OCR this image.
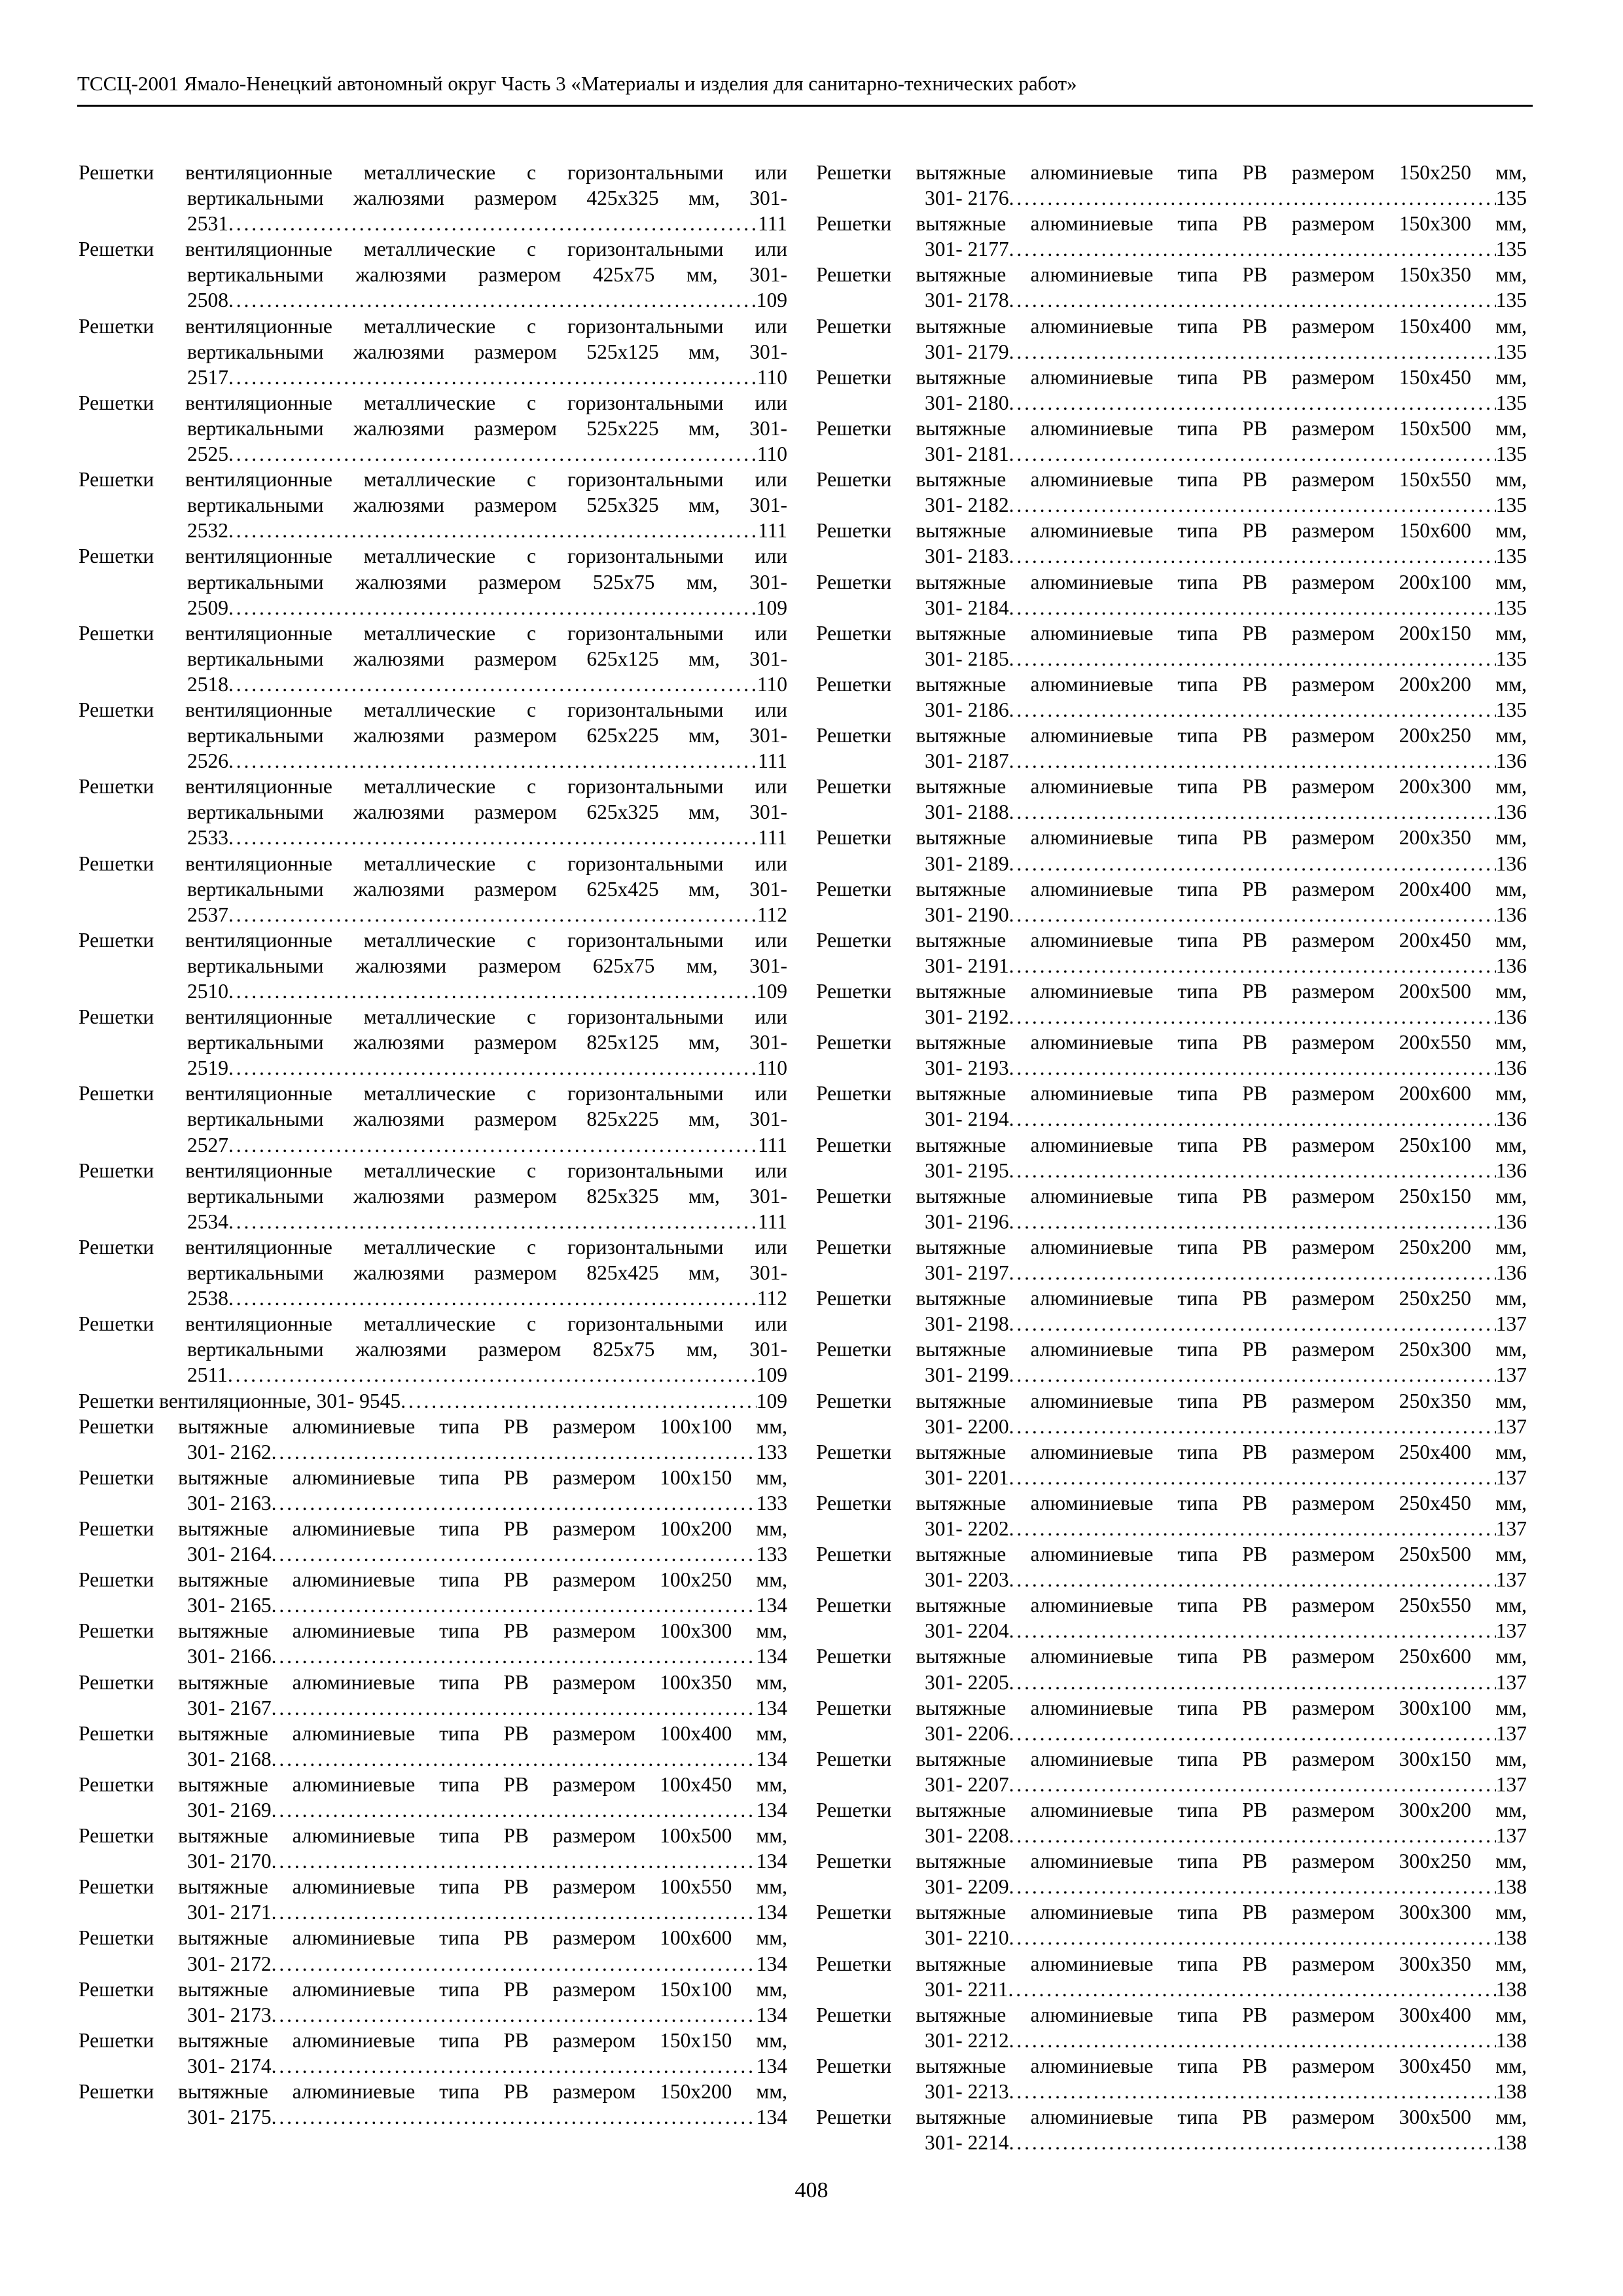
ТССЦ-2001 Ямало-Ненецкий автономный округ Часть 3 «Материалы и изделия для санитарно-технических работ»
Решетки вентиляционные металлические с горизонтальными или вертикальными жалюзями размером 425х325 мм, 301-
2531 . . .	111
Решетки вентиляционные металлические с горизонтальными или вертикальными жалюзями размером 425х75 мм, 301-
2508 . . .	109
Решетки вентиляционные металлические с горизонтальными или вертикальными жалюзями размером 525х125 мм, 301-
2517 . . .	110
Решетки вентиляционные металлические с горизонтальными или вертикальными жалюзями размером 525х225 мм, 301-
2525 . . .	110
Решетки вентиляционные металлические с горизонтальными или вертикальными жалюзями размером 525х325 мм, 301-
2532 . . .	111
Решетки вентиляционные металлические с горизонтальными или вертикальными жалюзями размером 525х75 мм, 301-
2509 . . .	109
Решетки вентиляционные металлические с горизонтальными или вертикальными жалюзями размером 625х125 мм, 301-
2518 . . .	110
Решетки вентиляционные металлические с горизонтальными или вертикальными жалюзями размером 625х225 мм, 301-
2526 . . .	111
Решетки вентиляционные металлические с горизонтальными или вертикальными жалюзями размером 625х325 мм, 301-
2533 . . .	111
Решетки вентиляционные металлические с горизонтальными или вертикальными жалюзями размером 625х425 мм, 301-
2537 . . .	112
Решетки вентиляционные металлические с горизонтальными или вертикальными жалюзями размером 625х75 мм, 301-
2510 . . .	109
Решетки вентиляционные металлические с горизонтальными или вертикальными жалюзями размером 825х125 мм, 301-
2519 . . .	110
Решетки вентиляционные металлические с горизонтальными или вертикальными жалюзями размером 825х225 мм, 301-
2527 . . .	111
Решетки вентиляционные металлические с горизонтальными или вертикальными жалюзями размером 825х325 мм, 301-
2534 . . .	111
Решетки вентиляционные металлические с горизонтальными или вертикальными жалюзями размером 825х425 мм, 301-
2538 . . .	112
Решетки вентиляционные металлические с горизонтальными или вертикальными жалюзями размером 825х75 мм, 301-
2511 . . .	109
Решетки вентиляционные, 301- 9545 . . .	109
Решетки вытяжные алюминиевые типа РВ размером 100х100 мм,
301- 2162 . . .	133
Решетки вытяжные алюминиевые типа РВ размером 100х150 мм,
301- 2163 . . .	133
Решетки вытяжные алюминиевые типа РВ размером 100х200 мм,
301- 2164 . . .	133
Решетки вытяжные алюминиевые типа РВ размером 100х250 мм,
301- 2165 . . .	134
Решетки вытяжные алюминиевые типа РВ размером 100х300 мм,
301- 2166 . . .	134
Решетки вытяжные алюминиевые типа РВ размером 100х350 мм,
301- 2167 . . .	134
Решетки вытяжные алюминиевые типа РВ размером 100х400 мм,
301- 2168 . . .	134
Решетки вытяжные алюминиевые типа РВ размером 100х450 мм,
301- 2169 . . .	134
Решетки вытяжные алюминиевые типа РВ размером 100х500 мм,
301- 2170 . . .	134
Решетки вытяжные алюминиевые типа РВ размером 100х550 мм,
301- 2171 . . .	134
Решетки вытяжные алюминиевые типа РВ размером 100х600 мм,
301- 2172 . . .	134
Решетки вытяжные алюминиевые типа РВ размером 150х100 мм,
301- 2173 . . .	134
Решетки вытяжные алюминиевые типа РВ размером 150х150 мм,
301- 2174 . . .	134
Решетки вытяжные алюминиевые типа РВ размером 150х200 мм,
301- 2175 . . .	134
Решетки вытяжные алюминиевые типа РВ размером 150х250 мм,
301- 2176 . . .	135
Решетки вытяжные алюминиевые типа РВ размером 150х300 мм,
301- 2177 . . .	135
Решетки вытяжные алюминиевые типа РВ размером 150х350 мм,
301- 2178 . . .	135
Решетки вытяжные алюминиевые типа РВ размером 150х400 мм,
301- 2179 . . .	135
Решетки вытяжные алюминиевые типа РВ размером 150х450 мм,
301- 2180 . . .	135
Решетки вытяжные алюминиевые типа РВ размером 150х500 мм,
301- 2181 . . .	135
Решетки вытяжные алюминиевые типа РВ размером 150х550 мм,
301- 2182 . . .	135
Решетки вытяжные алюминиевые типа РВ размером 150х600 мм,
301- 2183 . . .	135
Решетки вытяжные алюминиевые типа РВ размером 200х100 мм,
301- 2184 . . .	135
Решетки вытяжные алюминиевые типа РВ размером 200х150 мм,
301- 2185 . . .	135
Решетки вытяжные алюминиевые типа РВ размером 200х200 мм,
301- 2186 . . .	135
Решетки вытяжные алюминиевые типа РВ размером 200х250 мм,
301- 2187 . . .	136
Решетки вытяжные алюминиевые типа РВ размером 200х300 мм,
301- 2188 . . .	136
Решетки вытяжные алюминиевые типа РВ размером 200х350 мм,
301- 2189 . . .	136
Решетки вытяжные алюминиевые типа РВ размером 200х400 мм,
301- 2190 . . .	136
Решетки вытяжные алюминиевые типа РВ размером 200х450 мм,
301- 2191 . . .	136
Решетки вытяжные алюминиевые типа РВ размером 200х500 мм,
301- 2192 . . .	136
Решетки вытяжные алюминиевые типа РВ размером 200х550 мм,
301- 2193 . . .	136
Решетки вытяжные алюминиевые типа РВ размером 200х600 мм,
301- 2194 . . .	136
Решетки вытяжные алюминиевые типа РВ размером 250х100 мм,
301- 2195 . . .	136
Решетки вытяжные алюминиевые типа РВ размером 250х150 мм,
301- 2196 . . .	136
Решетки вытяжные алюминиевые типа РВ размером 250х200 мм,
301- 2197 . . .	136
Решетки вытяжные алюминиевые типа РВ размером 250х250 мм,
301- 2198 . . .	137
Решетки вытяжные алюминиевые типа РВ размером 250х300 мм,
301- 2199 . . .	137
Решетки вытяжные алюминиевые типа РВ размером 250х350 мм,
301- 2200 . . .	137
Решетки вытяжные алюминиевые типа РВ размером 250х400 мм,
301- 2201 . . .	137
Решетки вытяжные алюминиевые типа РВ размером 250х450 мм,
301- 2202 . . .	137
Решетки вытяжные алюминиевые типа РВ размером 250х500 мм,
301- 2203 . . .	137
Решетки вытяжные алюминиевые типа РВ размером 250х550 мм,
301- 2204 . . .	137
Решетки вытяжные алюминиевые типа РВ размером 250х600 мм,
301- 2205 . . .	137
Решетки вытяжные алюминиевые типа РВ размером 300х100 мм,
301- 2206 . . .	137
Решетки вытяжные алюминиевые типа РВ размером 300х150 мм,
301- 2207 . . .	137
Решетки вытяжные алюминиевые типа РВ размером 300х200 мм,
301- 2208 . . .	137
Решетки вытяжные алюминиевые типа РВ размером 300х250 мм,
301- 2209 . . .	138
Решетки вытяжные алюминиевые типа РВ размером 300х300 мм,
301- 2210 . . .	138
Решетки вытяжные алюминиевые типа РВ размером 300х350 мм,
301- 2211 . . .	138
Решетки вытяжные алюминиевые типа РВ размером 300х400 мм,
301- 2212 . . .	138
Решетки вытяжные алюминиевые типа РВ размером 300х450 мм,
301- 2213 . . .	138
Решетки вытяжные алюминиевые типа РВ размером 300х500 мм,
301- 2214 . . .	138
408
